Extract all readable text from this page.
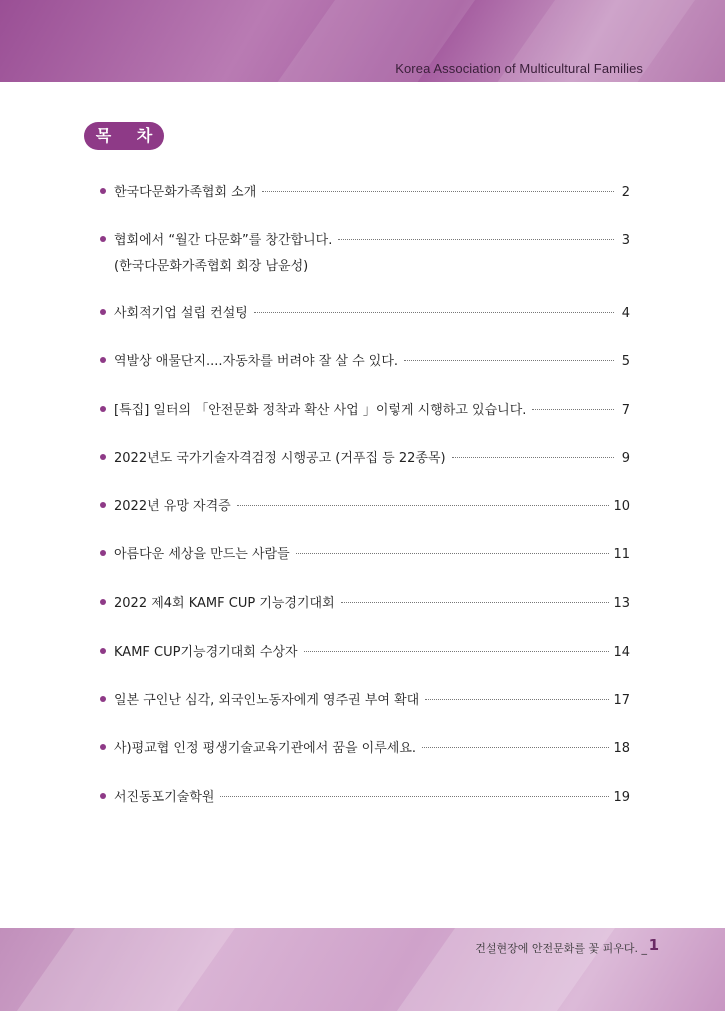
Korea Association of Multicultural Families
목 차
한국다문화가족협회 소개	2
협회에서 “월간 다문화”를 창간합니다.	3
(한국다문화가족협회 회장 남윤성)
사회적기업 설립 컨설팅	4
역발상 애물단지....자동차를 버려야 잘 살 수 있다.	5
[특집] 일터의 「안전문화 정착과 확산 사업 」이렇게 시행하고 있습니다.	7
2022년도 국가기술자격검정 시행공고 (거푸집 등 22종목)	9
2022년 유망 자격증	10
아름다운 세상을 만드는 사람들	11
2022 제4회 KAMF CUP 기능경기대회	13
KAMF CUP기능경기대회 수상자	14
일본 구인난 심각, 외국인노동자에게 영주권 부여 확대	17
사)평교협 인정 평생기술교육기관에서 꿈을 이루세요.	18
서진동포기술학원	19
건설현장에 안전문화를 꽃 피우다. _ 1
